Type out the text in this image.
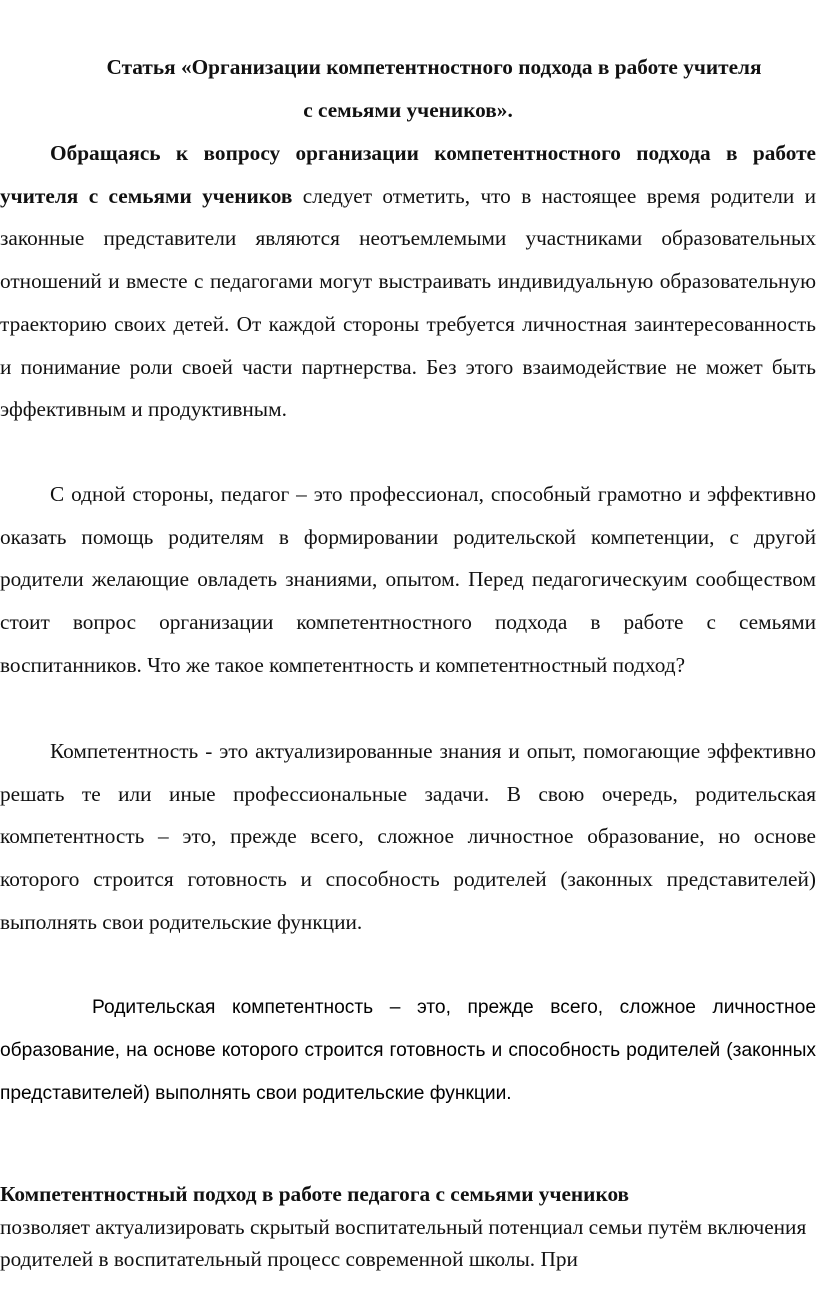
Статья «Организации компетентностного подхода в работе учителя
с семьями учеников».
Обращаясь к вопросу организации компетентностного подхода в работе учителя с семьями учеников следует отметить, что в настоящее время родители и законные представители являются неотъемлемыми участниками образовательных отношений и вместе с педагогами могут выстраивать индивидуальную образовательную траекторию своих детей. От каждой стороны требуется личностная заинтересованность и понимание роли своей части партнерства. Без этого взаимодействие не может быть эффективным и продуктивным.
С одной стороны, педагог – это профессионал, способный грамотно и эффективно оказать помощь родителям в формировании родительской компетенции, с другой родители желающие овладеть знаниями, опытом. Перед педагогическуим сообществом стоит вопрос организации компетентностного подхода в работе с семьями воспитанников. Что же такое компетентность и компетентностный подход?
Компетентность - это актуализированные знания и опыт, помогающие эффективно решать те или иные профессиональные задачи. В свою очередь, родительская компетентность – это, прежде всего, сложное личностное образование, но основе которого строится готовность и способность родителей (законных представителей) выполнять свои родительские функции.
Родительская компетентность – это, прежде всего, сложное личностное образование, на основе которого строится готовность и способность родителей (законных представителей) выполнять свои родительские функции.
Компетентностный подход в работе педагога с семьями учеников
позволяет актуализировать скрытый воспитательный потенциал семьи путём включения родителей в воспитательный процесс современной школы. При
